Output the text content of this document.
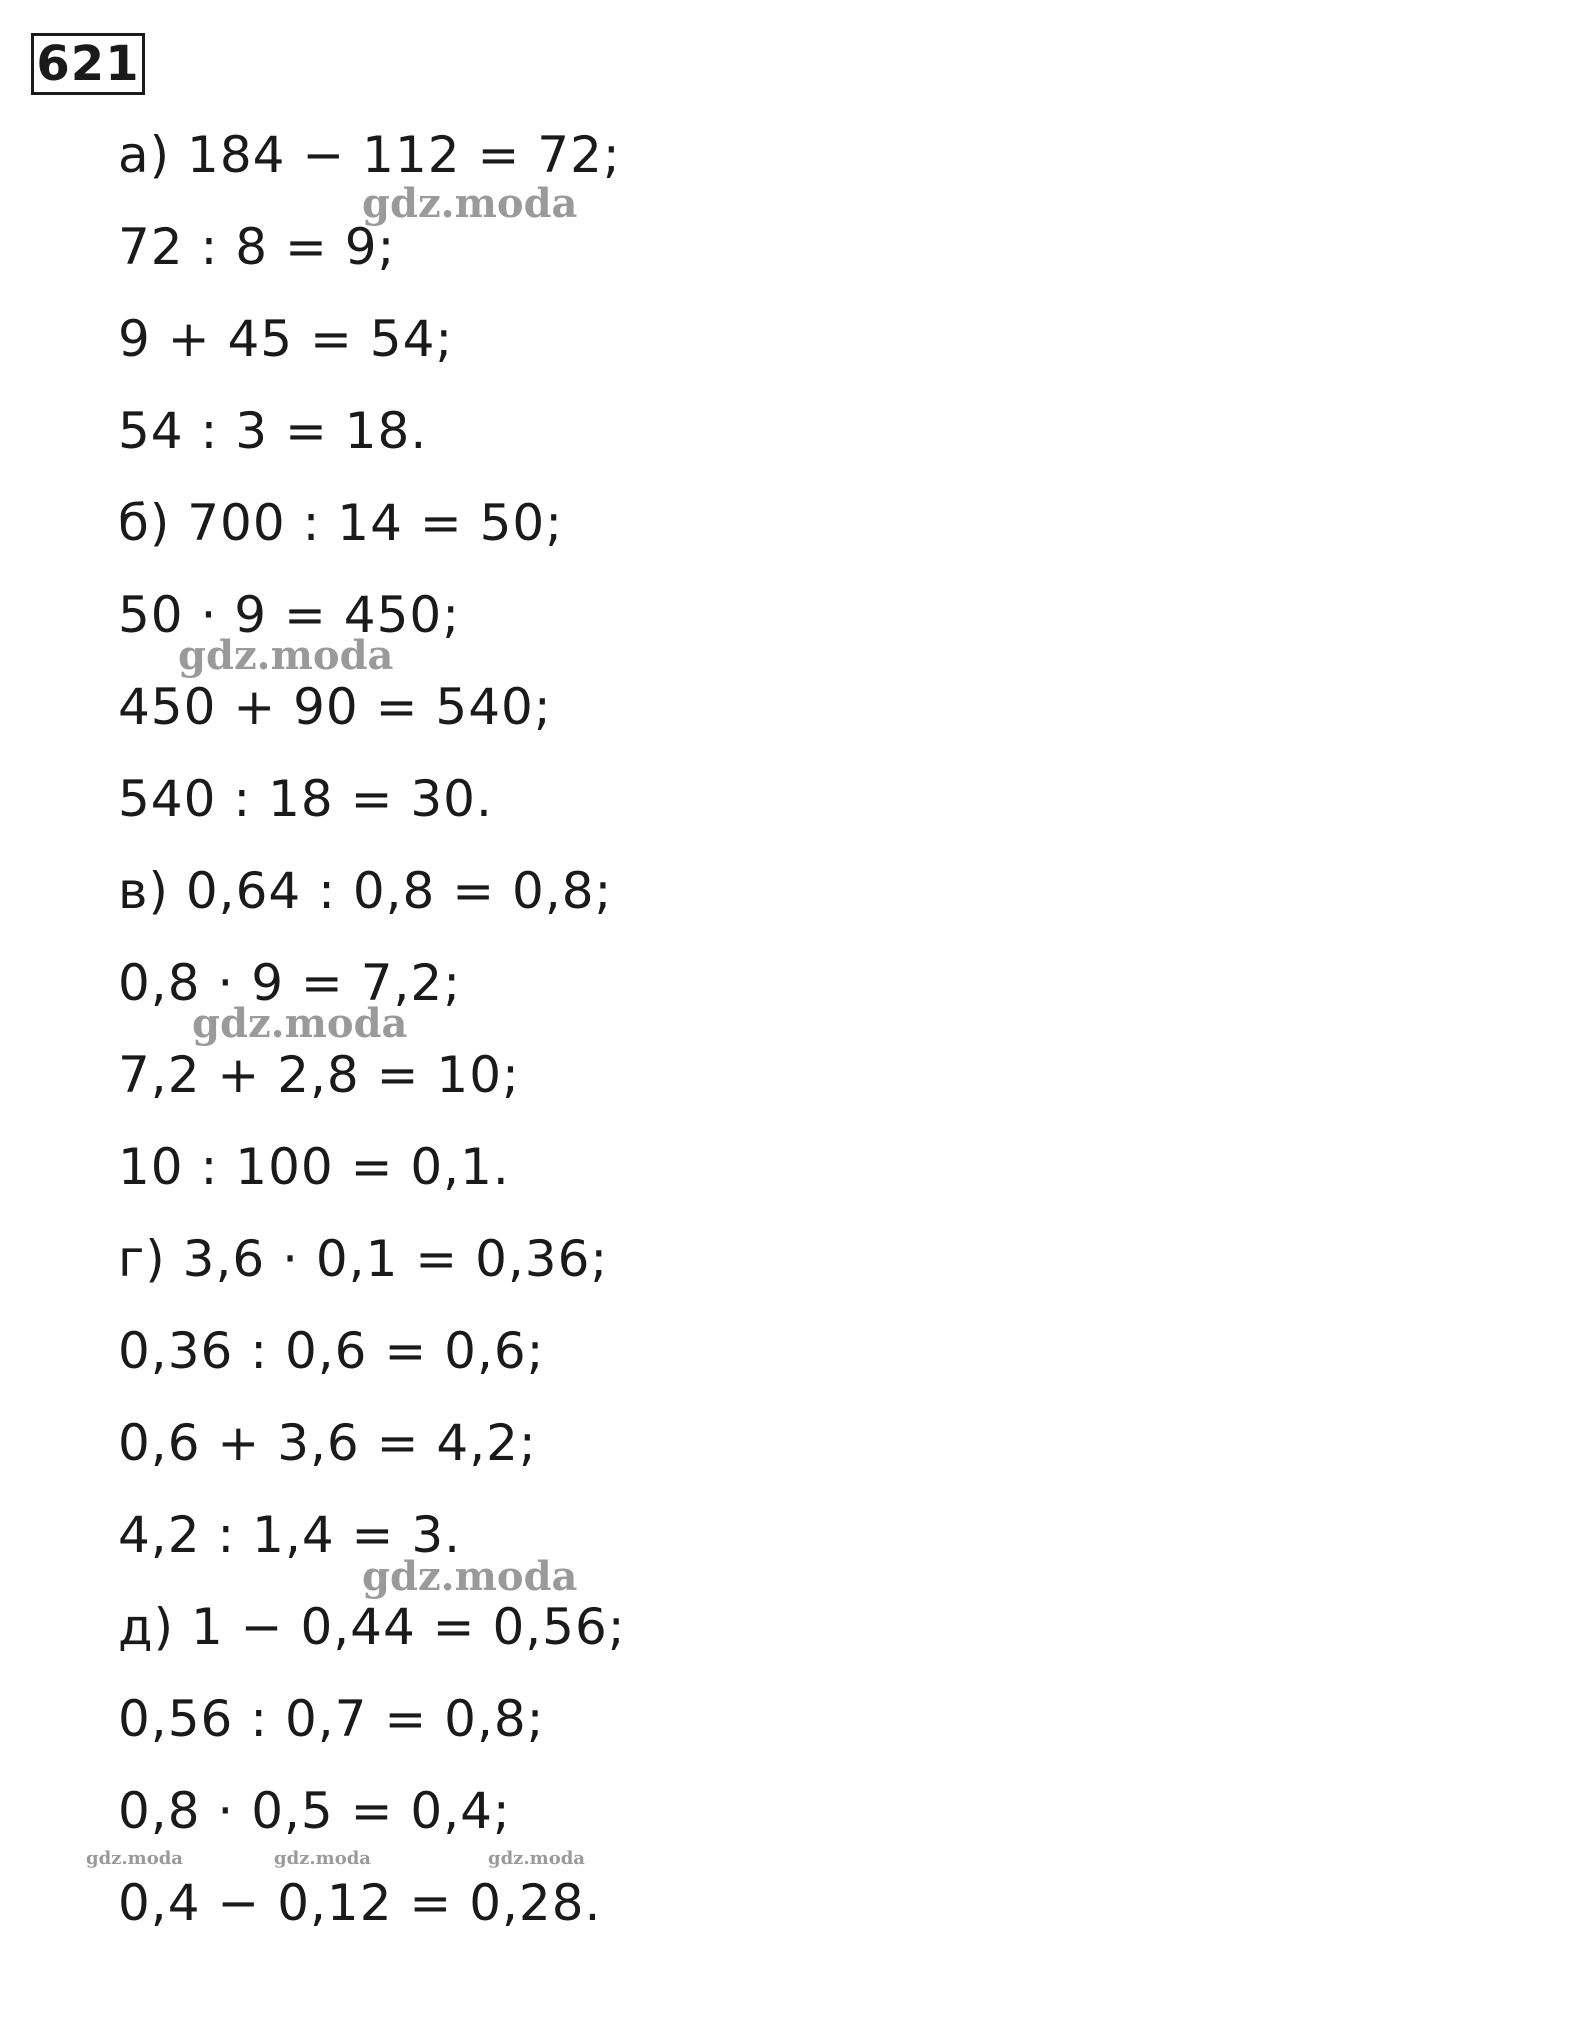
621
а) 184 − 112 = 72;
72 : 8 = 9;
9 + 45 = 54;
54 : 3 = 18.
б) 700 : 14 = 50;
50 · 9 = 450;
450 + 90 = 540;
540 : 18 = 30.
в) 0,64 : 0,8 = 0,8;
0,8 · 9 = 7,2;
7,2 + 2,8 = 10;
10 : 100 = 0,1.
г) 3,6 · 0,1 = 0,36;
0,36 : 0,6 = 0,6;
0,6 + 3,6 = 4,2;
4,2 : 1,4 = 3.
д) 1 − 0,44 = 0,56;
0,56 : 0,7 = 0,8;
0,8 · 0,5 = 0,4;
0,4 − 0,12 = 0,28.
gdz.moda
gdz.moda
gdz.moda
gdz.moda
gdz.moda	gdz.moda	gdz.moda
